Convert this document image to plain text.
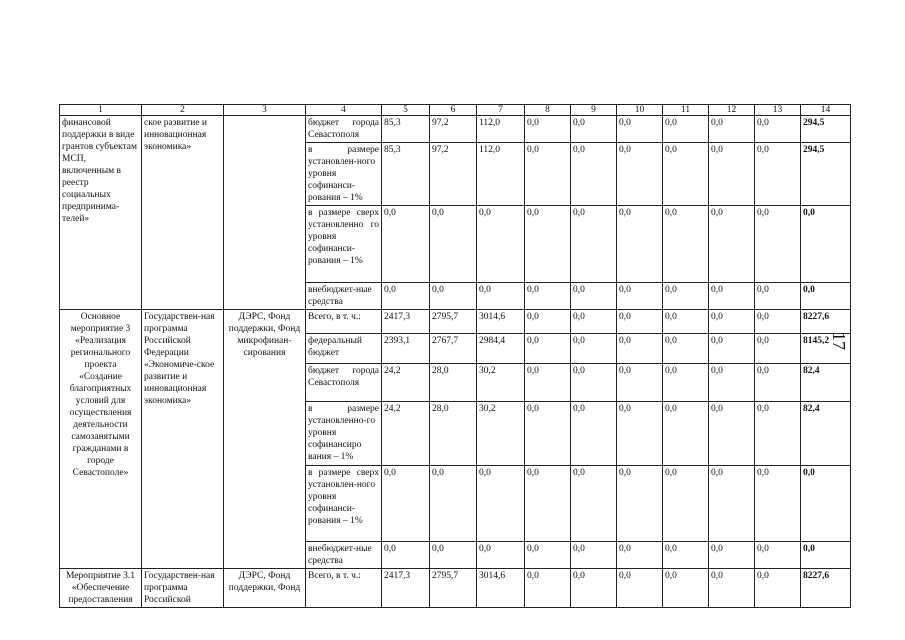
17
1	2	3	4	5	6	7	8	9	10	11	12	13	14
финансовой поддержки в виде грантов субъектам МСП, включенным в реестр социальных предпринима-телей»	ское развитие и инновационная экономика»		бюджет города Севастополя	85,3	97,2	112,0	0,0	0,0	0,0	0,0	0,0	0,0	294,5
			в размере установлен-ного уровня софинанси-рования – 1%	85,3	97,2	112,0	0,0	0,0	0,0	0,0	0,0	0,0	294,5
			в размере сверх установленно го уровня софинанси-рования – 1%	0,0	0,0	0,0	0,0	0,0	0,0	0,0	0,0	0,0	0,0
			внебюджет-ные средства	0,0	0,0	0,0	0,0	0,0	0,0	0,0	0,0	0,0	0,0
Основное мероприятие 3 «Реализация регионального проекта «Создание благоприятных условий для осуществления деятельности самозанятыми гражданами в городе Севастополе»	Государствен-ная программа Российской Федерации «Экономиче-ское развитие и инновационная экономика»	ДЭРС, Фонд поддержки, Фонд микрофинан-сирования	Всего, в т. ч.:	2417,3	2795,7	3014,6	0,0	0,0	0,0	0,0	0,0	0,0	8227,6
			федеральный бюджет	2393,1	2767,7	2984,4	0,0	0,0	0,0	0,0	0,0	0,0	8145,2
			бюджет города Севастополя	24,2	28,0	30,2	0,0	0,0	0,0	0,0	0,0	0,0	82,4
			в размере установленно-го уровня софинансиро вания – 1%	24,2	28,0	30,2	0,0	0,0	0,0	0,0	0,0	0,0	82,4
			в размере сверх установлен-ного уровня софинанси-рования – 1%	0,0	0,0	0,0	0,0	0,0	0,0	0,0	0,0	0,0	0,0
			внебюджет-ные средства	0,0	0,0	0,0	0,0	0,0	0,0	0,0	0,0	0,0	0,0
Мероприятие 3.1 «Обеспечение предоставления	Государствен-ная программа Российской	ДЭРС, Фонд поддержки, Фонд	Всего, в т. ч.:	2417,3	2795,7	3014,6	0,0	0,0	0,0	0,0	0,0	0,0	8227,6
